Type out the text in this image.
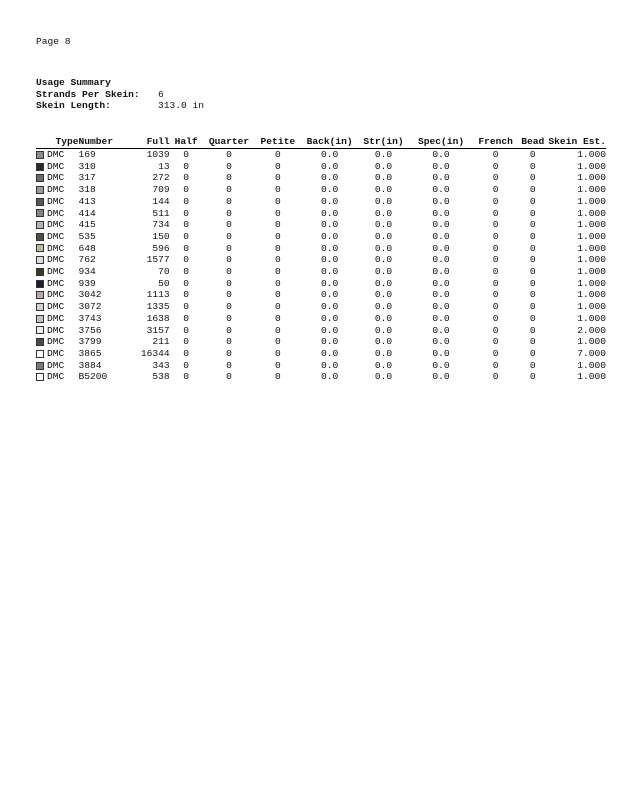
Page 8
Usage Summary
Strands Per Skein:	6
Skein Length:	313.0 in
Type	Number	Full	Half	Quarter	Petite	Back(in)	Str(in)	Spec(in)	French	Bead	Skein Est.

DMC	169	1039	0	0	0	0.0	0.0	0.0	0	0	1.000

DMC	310	13	0	0	0	0.0	0.0	0.0	0	0	1.000

DMC	317	272	0	0	0	0.0	0.0	0.0	0	0	1.000

DMC	318	709	0	0	0	0.0	0.0	0.0	0	0	1.000

DMC	413	144	0	0	0	0.0	0.0	0.0	0	0	1.000

DMC	414	511	0	0	0	0.0	0.0	0.0	0	0	1.000

DMC	415	734	0	0	0	0.0	0.0	0.0	0	0	1.000

DMC	535	150	0	0	0	0.0	0.0	0.0	0	0	1.000

DMC	648	596	0	0	0	0.0	0.0	0.0	0	0	1.000

DMC	762	1577	0	0	0	0.0	0.0	0.0	0	0	1.000

DMC	934	70	0	0	0	0.0	0.0	0.0	0	0	1.000

DMC	939	50	0	0	0	0.0	0.0	0.0	0	0	1.000

DMC	3042	1113	0	0	0	0.0	0.0	0.0	0	0	1.000

DMC	3072	1335	0	0	0	0.0	0.0	0.0	0	0	1.000

DMC	3743	1638	0	0	0	0.0	0.0	0.0	0	0	1.000

DMC	3756	3157	0	0	0	0.0	0.0	0.0	0	0	2.000

DMC	3799	211	0	0	0	0.0	0.0	0.0	0	0	1.000

DMC	3865	16344	0	0	0	0.0	0.0	0.0	0	0	7.000

DMC	3884	343	0	0	0	0.0	0.0	0.0	0	0	1.000

DMC	B5200	538	0	0	0	0.0	0.0	0.0	0	0	1.000
